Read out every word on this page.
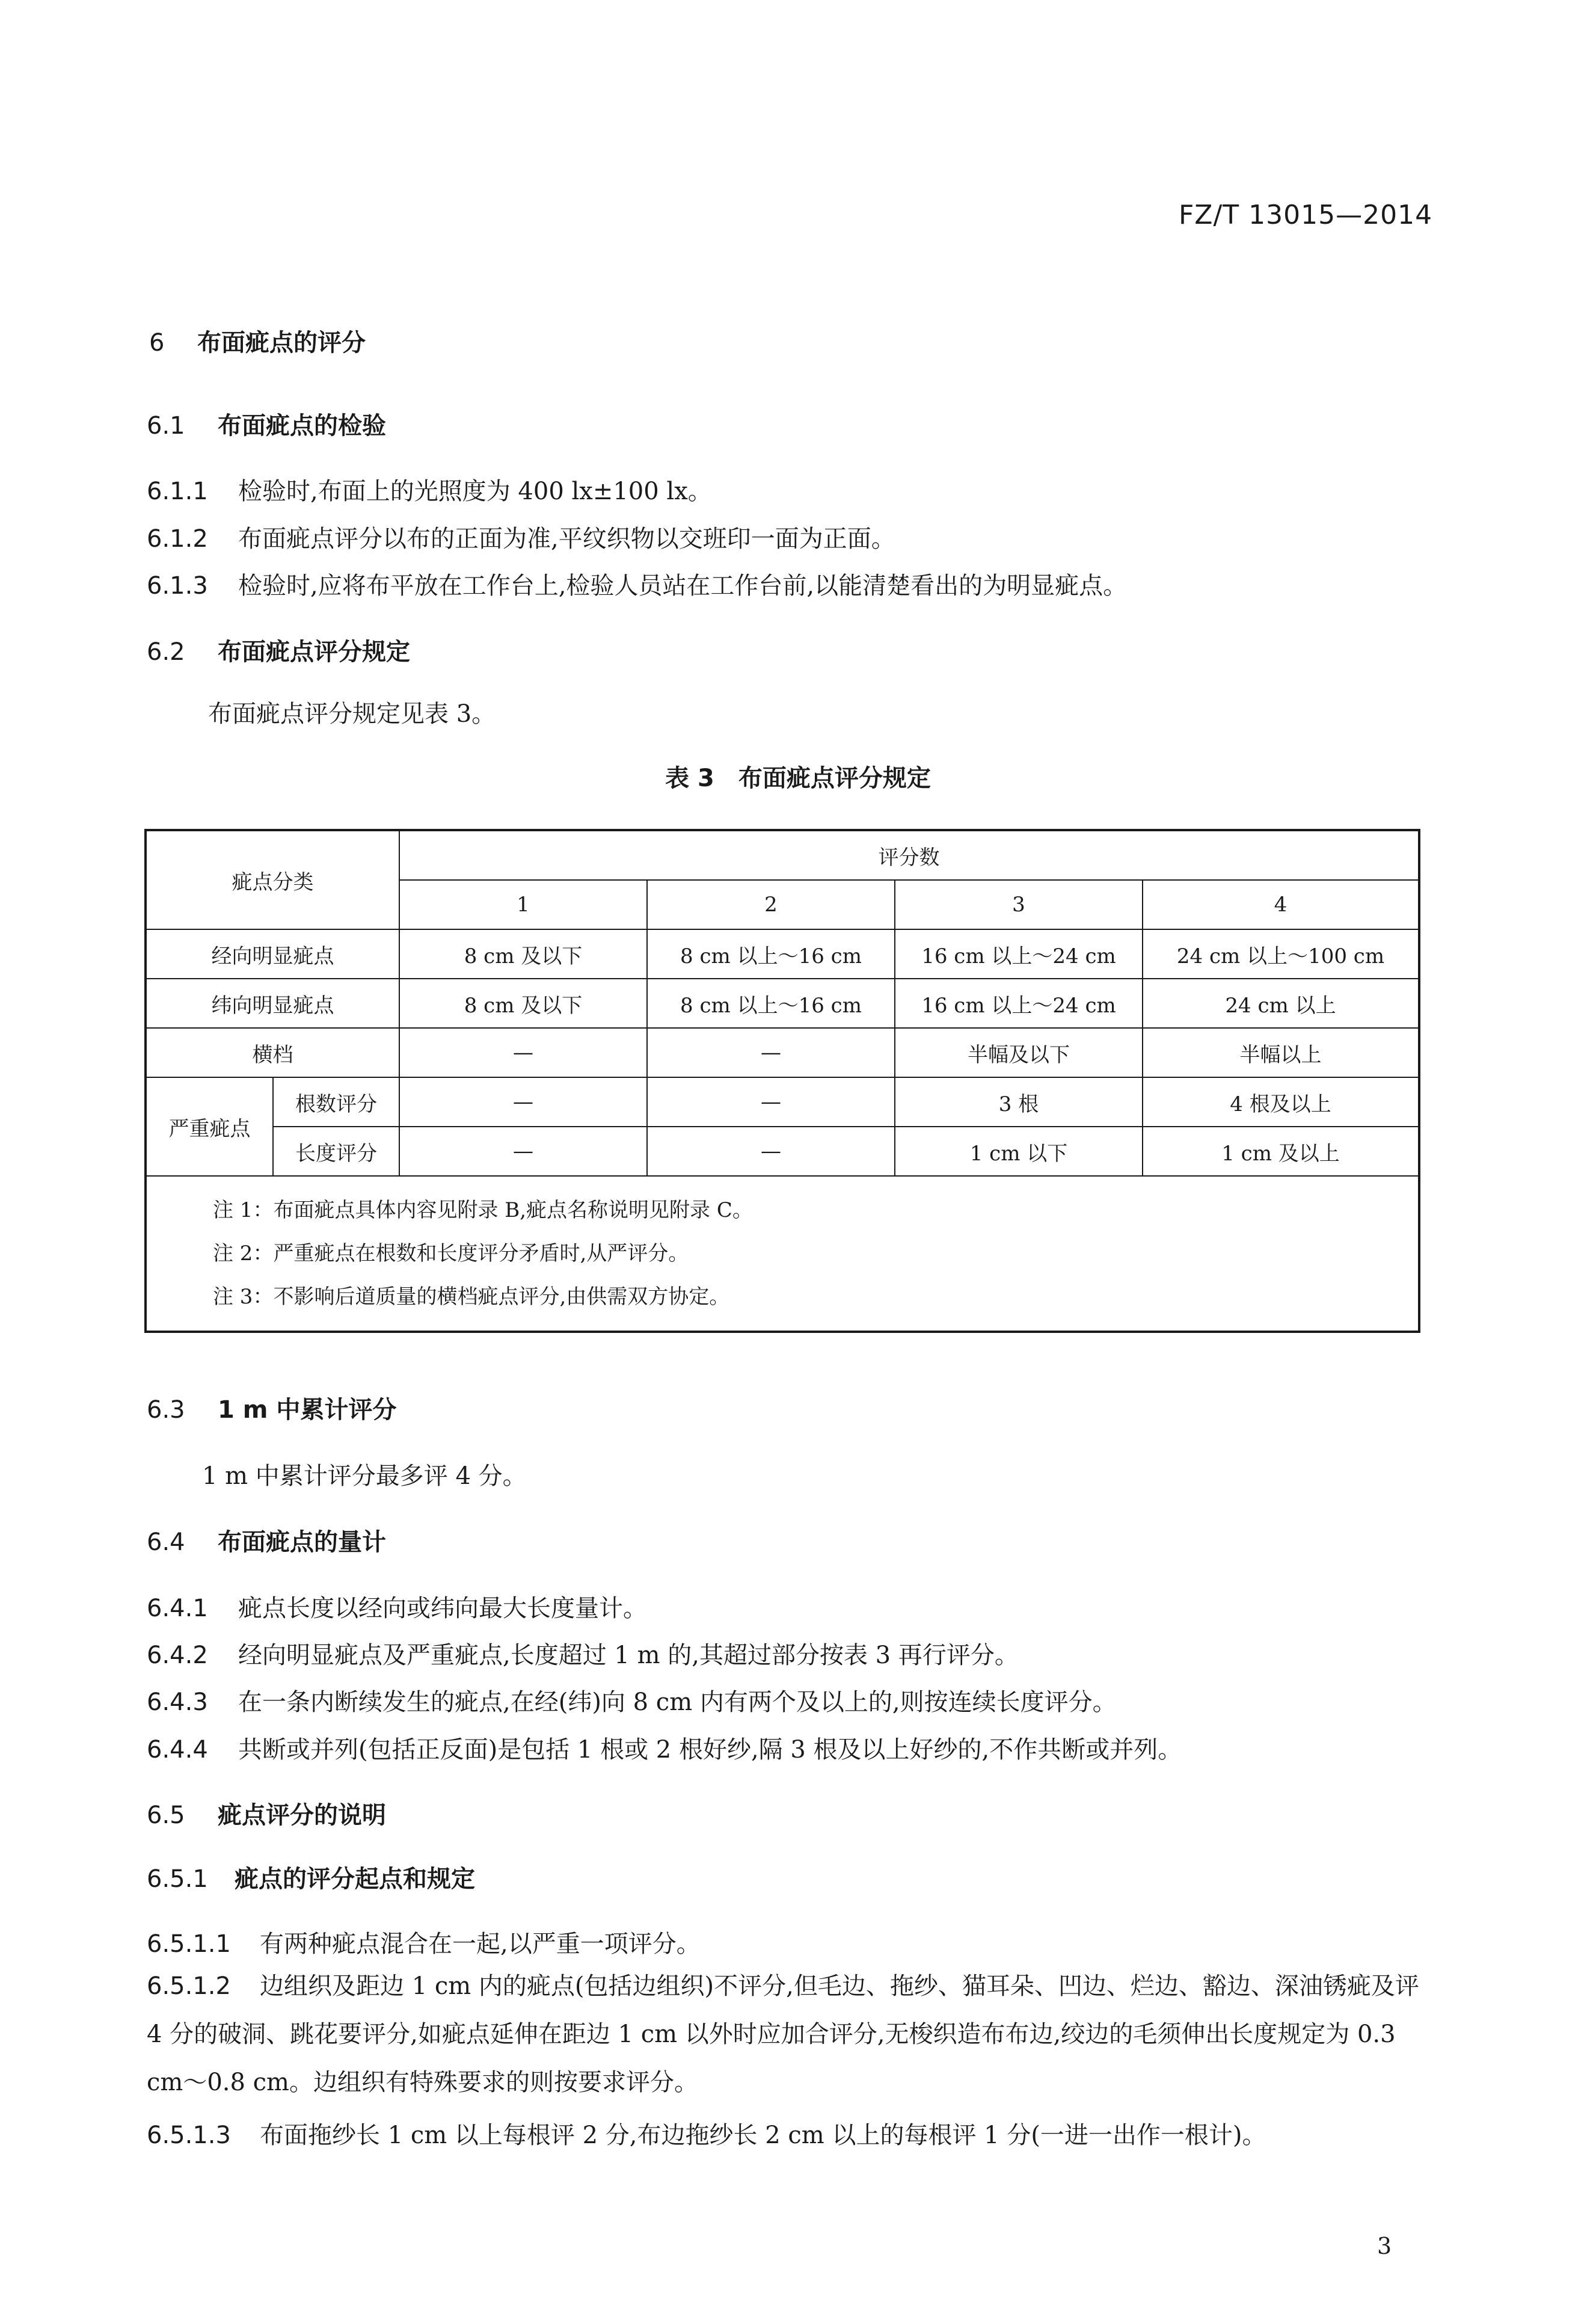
FZ/T 13015—2014
6 布面疵点的评分
6.1 布面疵点的检验
6.1.1 检验时,布面上的光照度为 400 lx±100 lx。
6.1.2 布面疵点评分以布的正面为准,平纹织物以交班印一面为正面。
6.1.3 检验时,应将布平放在工作台上,检验人员站在工作台前,以能清楚看出的为明显疵点。
6.2 布面疵点评分规定
布面疵点评分规定见表 3。
表 3　布面疵点评分规定
疵点分类		评分数			
		1	2	3	4
经向明显疵点		8 cm 及以下	8 cm 以上～16 cm	16 cm 以上～24 cm	24 cm 以上～100 cm
纬向明显疵点		8 cm 及以下	8 cm 以上～16 cm	16 cm 以上～24 cm	24 cm 以上
横档		—	—	半幅及以下	半幅以上
严重疵点	根数评分	—	—	3 根	4 根及以上
	长度评分	—	—	1 cm 以下	1 cm 及以上

注 1：布面疵点具体内容见附录 B,疵点名称说明见附录 C。
注 2：严重疵点在根数和长度评分矛盾时,从严评分。
注 3：不影响后道质量的横档疵点评分,由供需双方协定。					
6.3 1 m 中累计评分
1 m 中累计评分最多评 4 分。
6.4 布面疵点的量计
6.4.1 疵点长度以经向或纬向最大长度量计。
6.4.2 经向明显疵点及严重疵点,长度超过 1 m 的,其超过部分按表 3 再行评分。
6.4.3 在一条内断续发生的疵点,在经(纬)向 8 cm 内有两个及以上的,则按连续长度评分。
6.4.4 共断或并列(包括正反面)是包括 1 根或 2 根好纱,隔 3 根及以上好纱的,不作共断或并列。
6.5 疵点评分的说明
6.5.1 疵点的评分起点和规定
6.5.1.1 有两种疵点混合在一起,以严重一项评分。
6.5.1.2 边组织及距边 1 cm 内的疵点(包括边组织)不评分,但毛边、拖纱、猫耳朵、凹边、烂边、豁边、深油锈疵及评 4 分的破洞、跳花要评分,如疵点延伸在距边 1 cm 以外时应加合评分,无梭织造布布边,绞边的毛须伸出长度规定为 0.3 cm～0.8 cm。边组织有特殊要求的则按要求评分。
6.5.1.3 布面拖纱长 1 cm 以上每根评 2 分,布边拖纱长 2 cm 以上的每根评 1 分(一进一出作一根计)。
3
